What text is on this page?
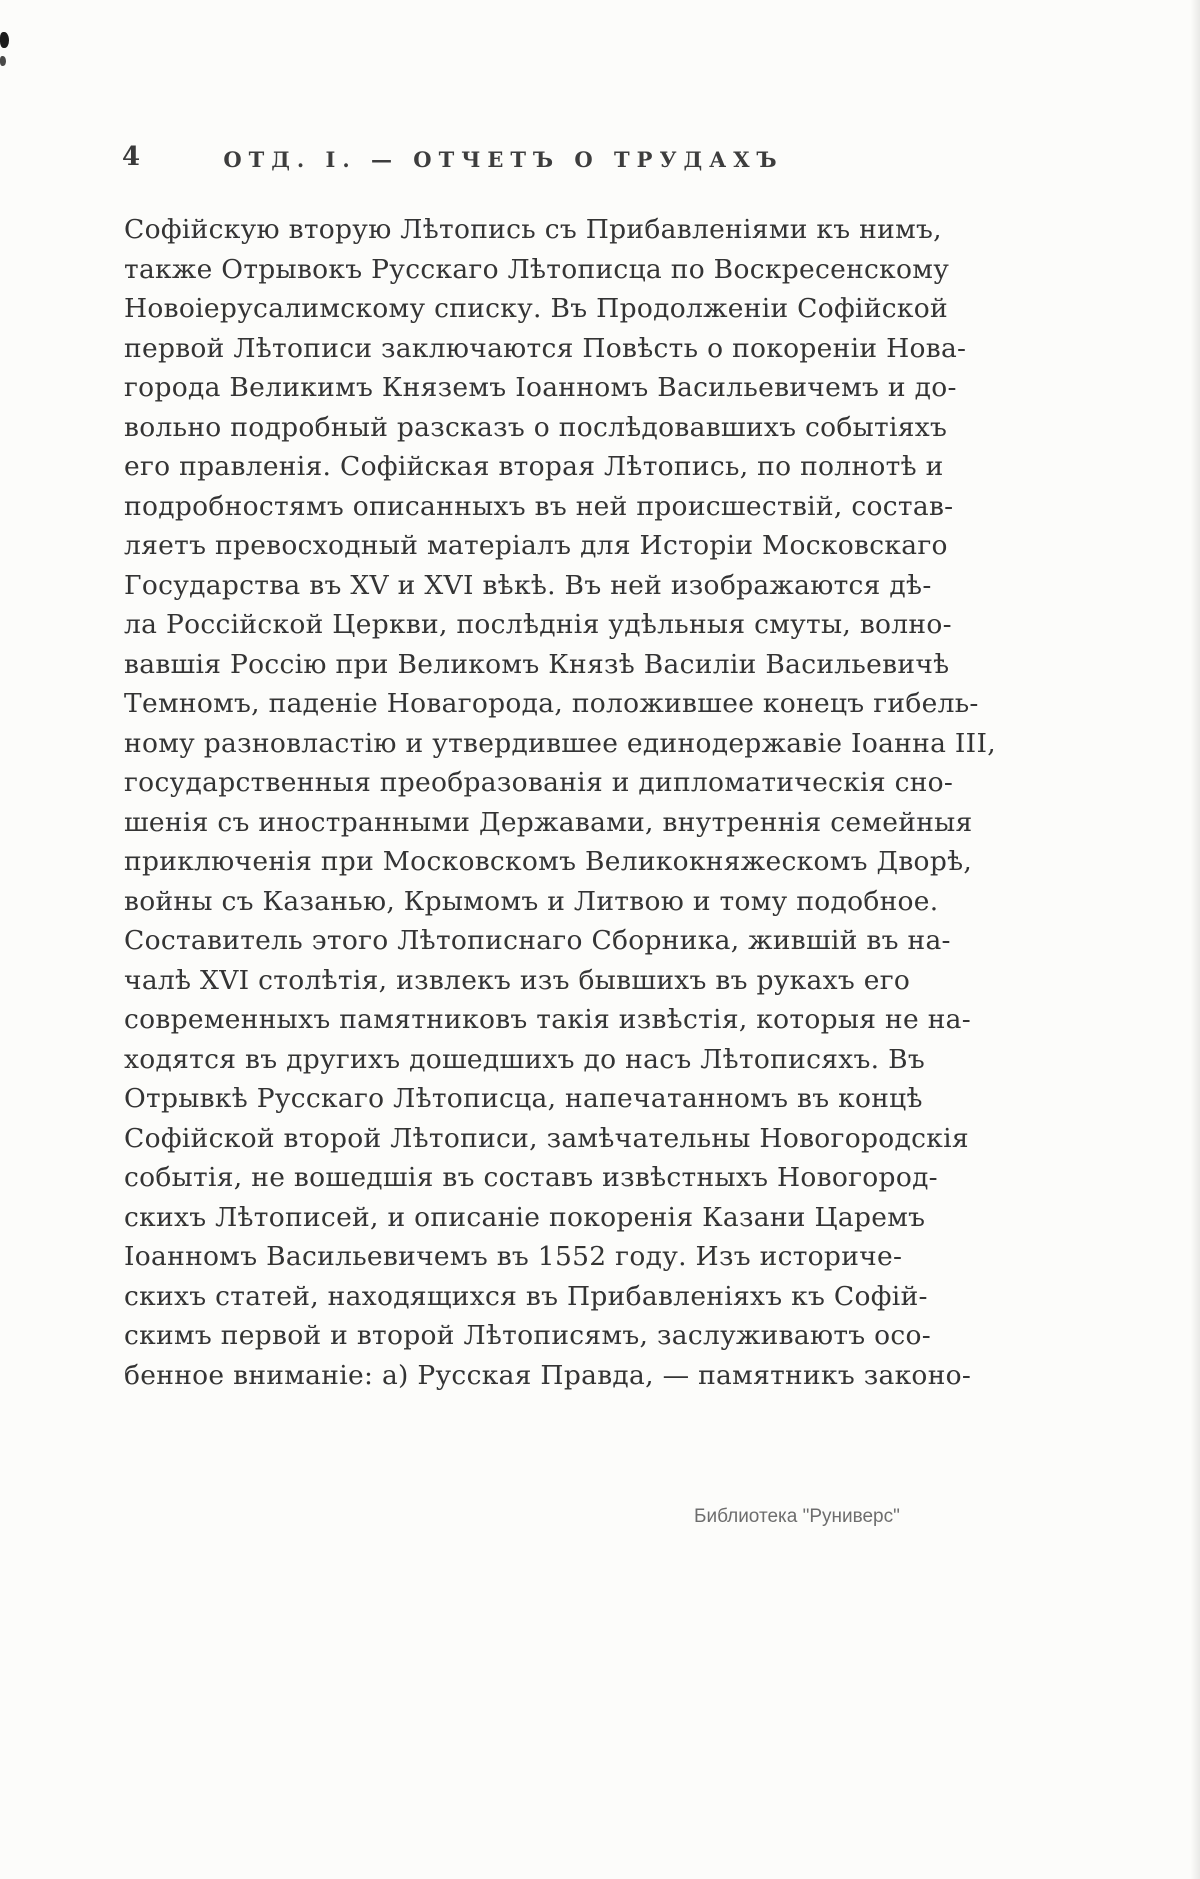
4	ОТД. I. — ОТЧЕТЪ О ТРУДАХЪ
Софійскую вторую Лѣтопись съ Прибавленіями къ нимъ,
также Отрывокъ Русскаго Лѣтописца по Воскресенскому
Новоіерусалимскому списку. Въ Продолженіи Софійской
первой Лѣтописи заключаются Повѣсть о покореніи Нова-
города Великимъ Княземъ Іоанномъ Васильевичемъ и до-
вольно подробный разсказъ о послѣдовавшихъ событіяхъ
его правленія. Софійская вторая Лѣтопись, по полнотѣ и
подробностямъ описанныхъ въ ней происшествій, состав-
ляетъ превосходный матеріалъ для Исторіи Московскаго
Государства въ XV и XVI вѣкѣ. Въ ней изображаются дѣ-
ла Россійской Церкви, послѣднія удѣльныя смуты, волно-
вавшія Россію при Великомъ Князѣ Василіи Васильевичѣ
Темномъ, паденіе Новагорода, положившее конецъ гибель-
ному разновластію и утвердившее единодержавіе Іоанна III,
государственныя преобразованія и дипломатическія сно-
шенія съ иностранными Державами, внутреннія семейныя
приключенія при Московскомъ Великокняжескомъ Дворѣ,
войны съ Казанью, Крымомъ и Литвою и тому подобное.
Составитель этого Лѣтописнаго Сборника, жившій въ на-
чалѣ XVI столѣтія, извлекъ изъ бывшихъ въ рукахъ его
современныхъ памятниковъ такія извѣстія, которыя не на-
ходятся въ другихъ дошедшихъ до насъ Лѣтописяхъ. Въ
Отрывкѣ Русскаго Лѣтописца, напечатанномъ въ концѣ
Софійской второй Лѣтописи, замѣчательны Новогородскія
событія, не вошедшія въ составъ извѣстныхъ Новогород-
скихъ Лѣтописей, и описаніе покоренія Казани Царемъ
Іоанномъ Васильевичемъ въ 1552 году. Изъ историче-
скихъ статей, находящихся въ Прибавленіяхъ къ Софій-
скимъ первой и второй Лѣтописямъ, заслуживаютъ осо-
бенное вниманіе: а) Русская Правда, — памятникъ законо-
Библиотека "Руниверс"
